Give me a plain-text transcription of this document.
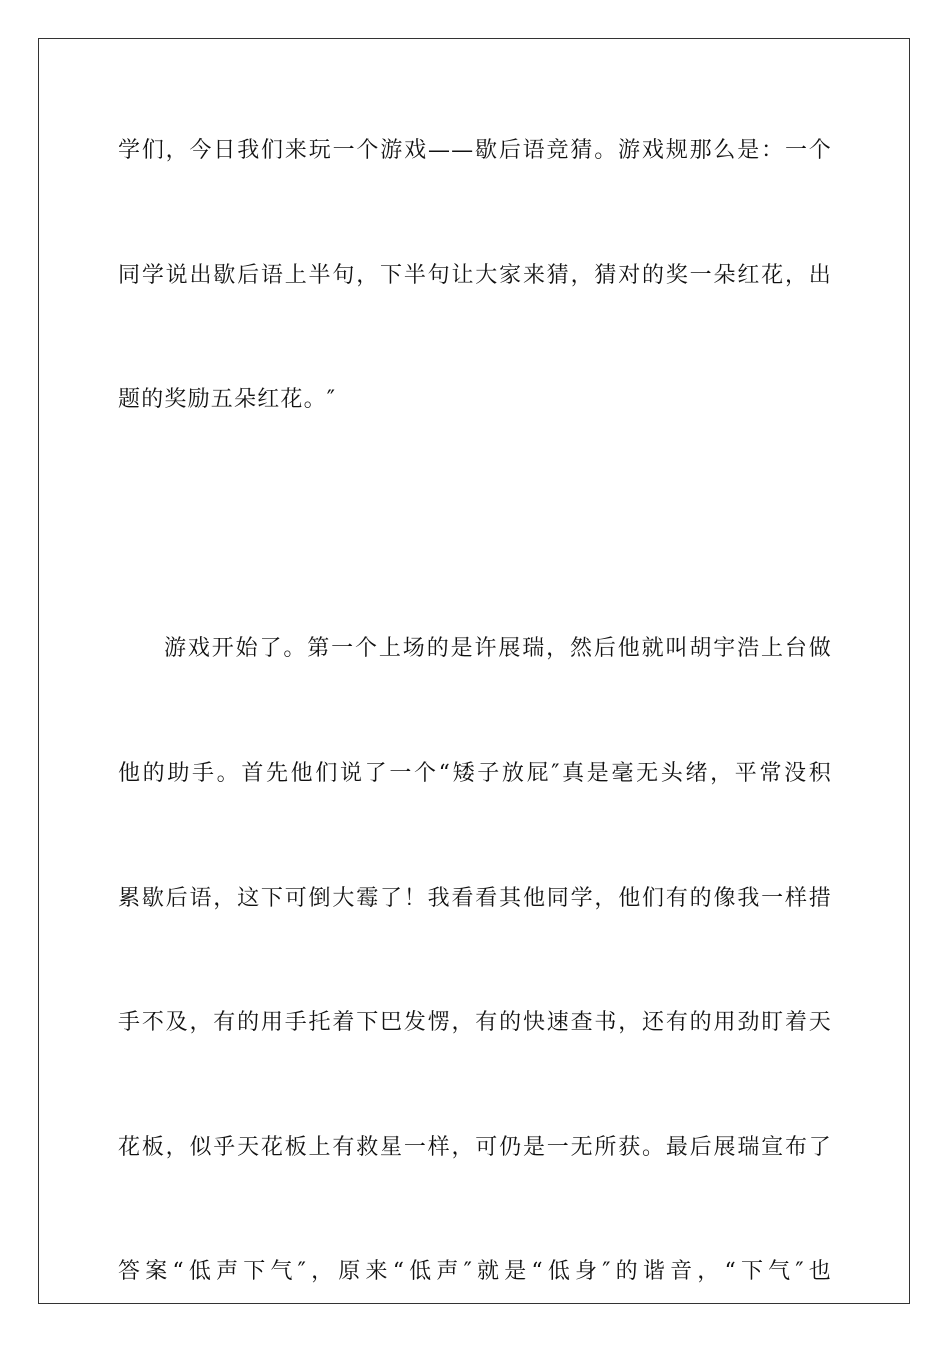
学们，今日我们来玩一个游戏——歇后语竞猜。游戏规那么是：一个
同学说出歇后语上半句，下半句让大家来猜，猜对的奖一朵红花，出
题的奖励五朵红花。″
游戏开始了。第一个上场的是许展瑞，然后他就叫胡宇浩上台做
他的助手。首先他们说了一个“矮子放屁″真是毫无头绪，平常没积
累歇后语，这下可倒大霉了！我看看其他同学，他们有的像我一样措
手不及，有的用手托着下巴发愣，有的快速查书，还有的用劲盯着天
花板，似乎天花板上有救星一样，可仍是一无所获。最后展瑞宣布了
答案“低声下气″，原来“低声″就是“低身″的谐音，“下气″也
